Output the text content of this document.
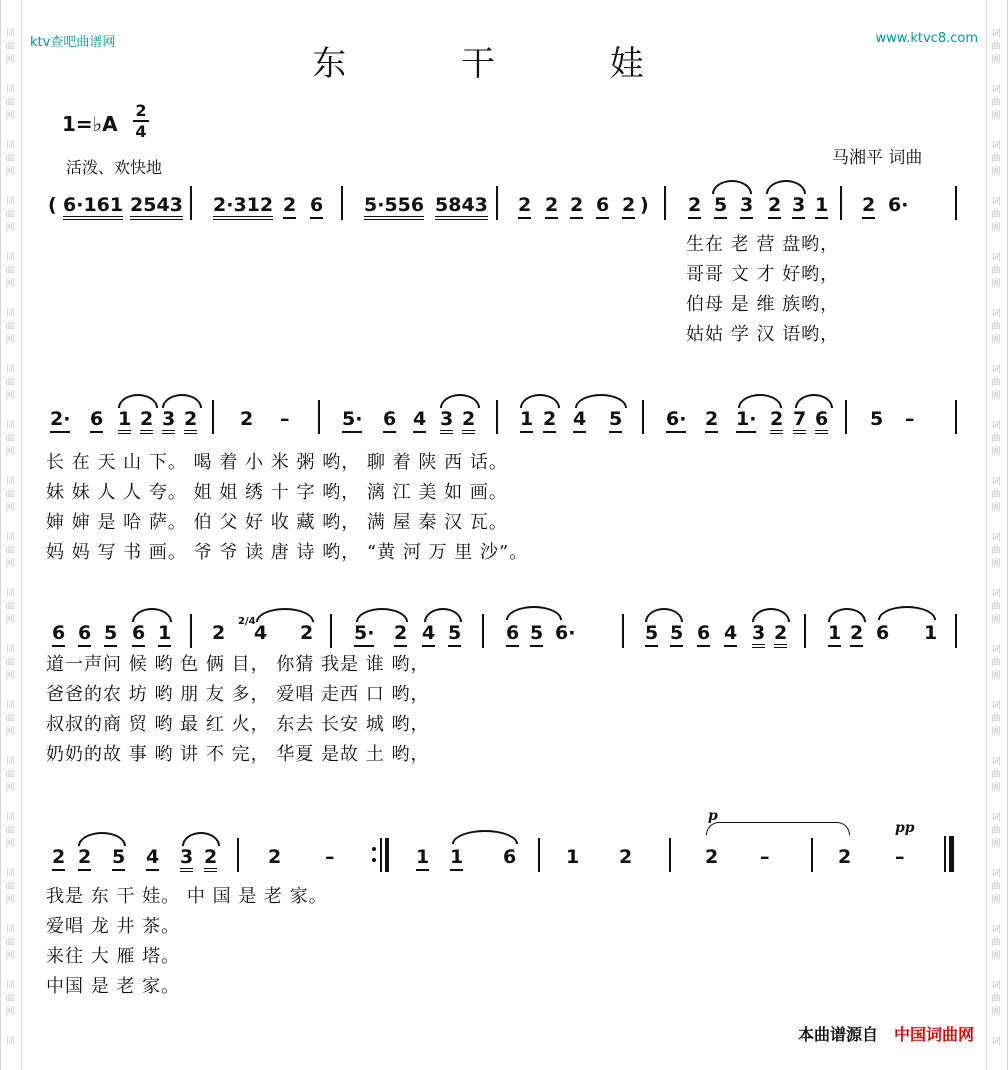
词
曲
网
词
曲
网
词
曲
网
词
曲
网
词
曲
网
词
曲
网
词
曲
网
词
曲
网
词
曲
网
词
曲
网
词
曲
网
词
曲
网
词
曲
网
词
曲
网
词
曲
网
词
曲
网
词
曲
网
词
曲
网
词
词
曲
网
词
曲
网
词
曲
网
词
曲
网
词
曲
网
词
曲
网
词
曲
网
词
曲
网
词
曲
网
词
曲
网
词
曲
网
词
曲
网
词
曲
网
词
曲
网
词
曲
网
词
曲
网
词
曲
网
词
曲
网
词
ktv查吧曲谱网	www.ktvc8.com
东 干 娃
1=♭A
2
4
活泼、欢快地	马湘平 词曲
( 6·161 2543 2·312 2 6 5·556 5843 2 2 2 6 2 ) 2 5 3 2 3 1 2 6·
生在 老 营 盘哟，
哥哥 文 才 好哟，
伯母 是 维 族哟，
姑姑 学 汉 语哟，
2· 6 1 2 3 2 2 –	5· 6 4 3 2 1 2 4 5 6· 2 1· 2 7 6 5 –
长 在 天 山 下。 喝 着 小 米 粥 哟， 聊 着 陕 西 话。
妹 妹 人 人 夸。 姐 姐 绣 十 字 哟， 漓 江 美 如 画。
婶 婶 是 哈 萨。 伯 父 好 收 藏 哟， 满 屋 秦 汉 瓦。
妈 妈 写 书 画。 爷 爷 读 唐 诗 哟， “黄 河 万 里 沙”。
6 6 5 6 1 2
2/4
4 2 5· 2 4 5 6 5 6·	5 5 6 4 3 2 1 2 6 1
道一声问 候 哟 色 俩 目， 你猜 我是 谁 哟，
爸爸的农 坊 哟 朋 友 多， 爱唱 走西 口 哟，
叔叔的商 贸 哟 最 红 火， 东去 长安 城 哟，
奶奶的故 事 哟 讲 不 完， 华夏 是故 土 哟，
2 2 5 4 3 2	2 –	1 1 6	1 2	2 –	2 –
p
pp
我是 东 干 娃。 中 国 是 老 家。
爱唱 龙 井 茶。
来往 大 雁 塔。
中国 是 老 家。
本曲谱源自 中国词曲网
